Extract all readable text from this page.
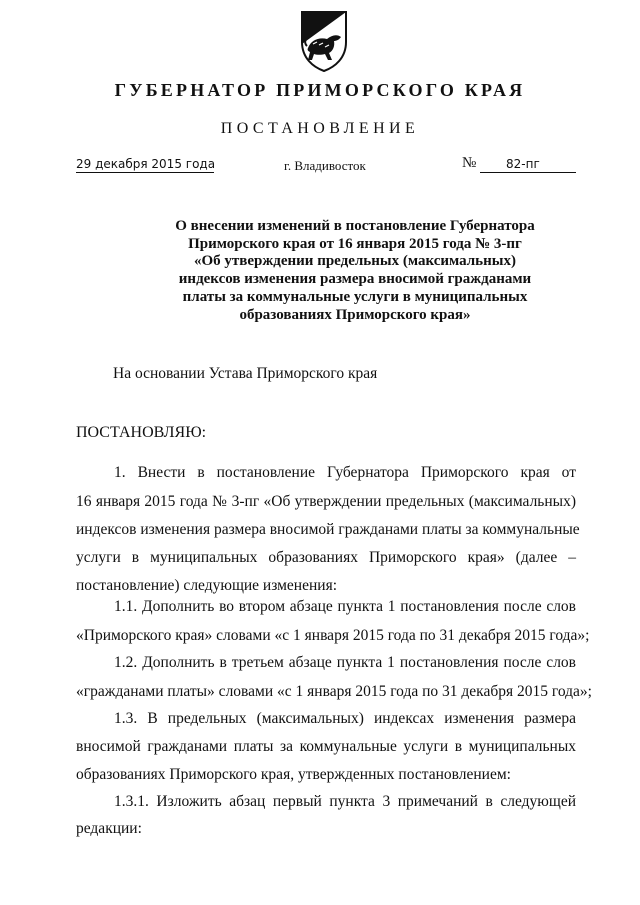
ГУБЕРНАТОР ПРИМОРСКОГО КРАЯ
ПОСТАНОВЛЕНИЕ
29 декабря 2015 года	г. Владивосток	№	82-пг
О внесении изменений в постановление Губернатора
Приморского края от 16 января 2015 года № 3-пг
«Об утверждении предельных (максимальных)
индексов изменения размера вносимой гражданами
платы за коммунальные услуги в муниципальных
образованиях Приморского края»
На основании Устава Приморского края
ПОСТАНОВЛЯЮ:
1. Внести в постановление Губернатора Приморского края от
16 января 2015 года № 3-пг «Об утверждении предельных (максимальных)
индексов изменения размера вносимой гражданами платы за коммунальные
услуги в муниципальных образованиях Приморского края» (далее –
постановление) следующие изменения:
1.1. Дополнить во втором абзаце пункта 1 постановления после слов
«Приморского края» словами «с 1 января 2015 года по 31 декабря 2015 года»;
1.2. Дополнить в третьем абзаце пункта 1 постановления после слов
«гражданами платы» словами «с 1 января 2015 года по 31 декабря 2015 года»;
1.3. В предельных (максимальных) индексах изменения размера
вносимой гражданами платы за коммунальные услуги в муниципальных
образованиях Приморского края, утвержденных постановлением:
1.3.1. Изложить абзац первый пункта 3 примечаний в следующей
редакции:
